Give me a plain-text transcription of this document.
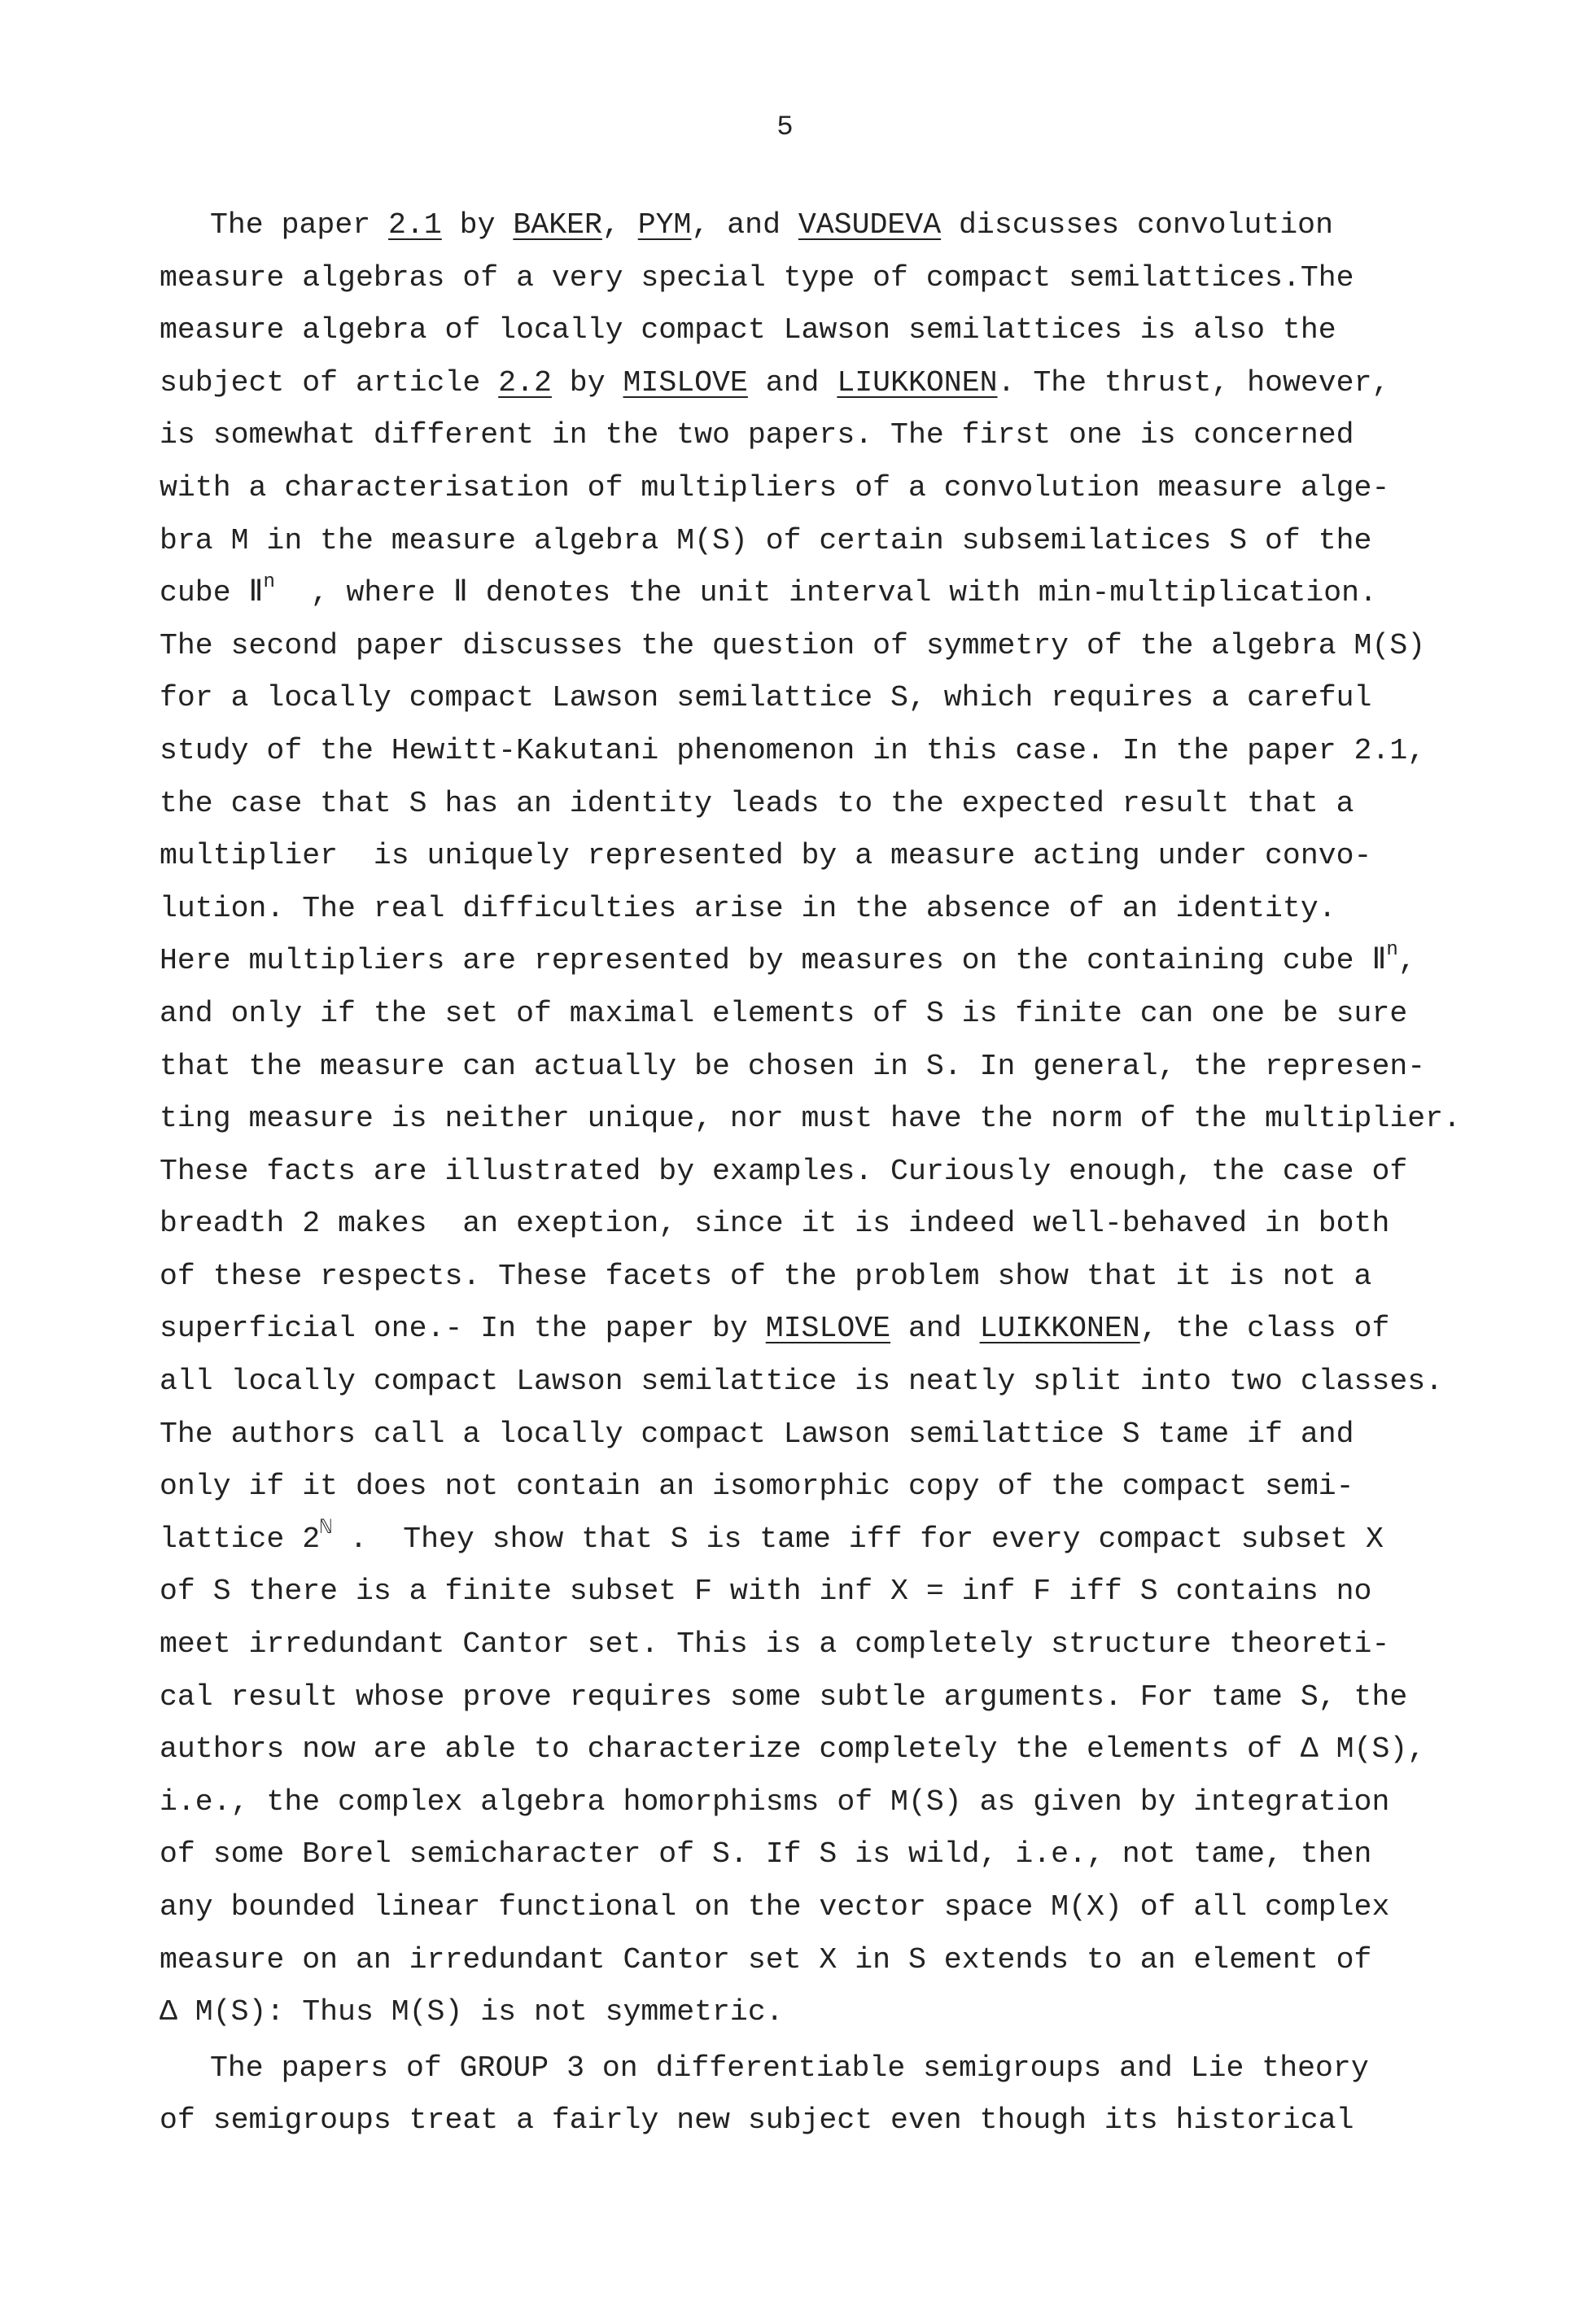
5
The paper 2.1 by BAKER, PYM, and VASUDEVA discusses convolution
measure algebras of a very special type of compact semilattices.The
measure algebra of locally compact Lawson semilattices is also the
subject of article 2.2 by MISLOVE and LIUKKONEN. The thrust, however,
is somewhat different in the two papers. The first one is concerned
with a characterisation of multipliers of a convolution measure alge-
bra M in the measure algebra M(S) of certain subsemilatices S of the
cube Ⅱ$^n$  , where Ⅱ denotes the unit interval with min-multiplication.
The second paper discusses the question of symmetry of the algebra M(S)
for a locally compact Lawson semilattice S, which requires a careful
study of the Hewitt-Kakutani phenomenon in this case. In the paper 2.1,
the case that S has an identity leads to the expected result that a
multiplier  is uniquely represented by a measure acting under convo-
lution. The real difficulties arise in the absence of an identity.
Here multipliers are represented by measures on the containing cube Ⅱ$^n$,
and only if the set of maximal elements of S is finite can one be sure
that the measure can actually be chosen in S. In general, the represen-
ting measure is neither unique, nor must have the norm of the multiplier.
These facts are illustrated by examples. Curiously enough, the case of
breadth 2 makes  an exeption, since it is indeed well-behaved in both
of these respects. These facets of the problem show that it is not a
superficial one.- In the paper by MISLOVE and LUIKKONEN, the class of
all locally compact Lawson semilattice is neatly split into two classes.
The authors call a locally compact Lawson semilattice S tame if and
only if it does not contain an isomorphic copy of the compact semi-
lattice $2^ℕ$ .  They show that S is tame iff for every compact subset X
of S there is a finite subset F with inf X = inf F iff S contains no
meet irredundant Cantor set. This is a completely structure theoreti-
cal result whose prove requires some subtle arguments. For tame S, the
authors now are able to characterize completely the elements of Δ M(S),
i.e., the complex algebra homorphisms of M(S) as given by integration
of some Borel semicharacter of S. If S is wild, i.e., not tame, then
any bounded linear functional on the vector space M(X) of all complex
measure on an irredundant Cantor set X in S extends to an element of
Δ M(S): Thus M(S) is not symmetric.
The papers of GROUP 3 on differentiable semigroups and Lie theory
of semigroups treat a fairly new subject even though its historical
